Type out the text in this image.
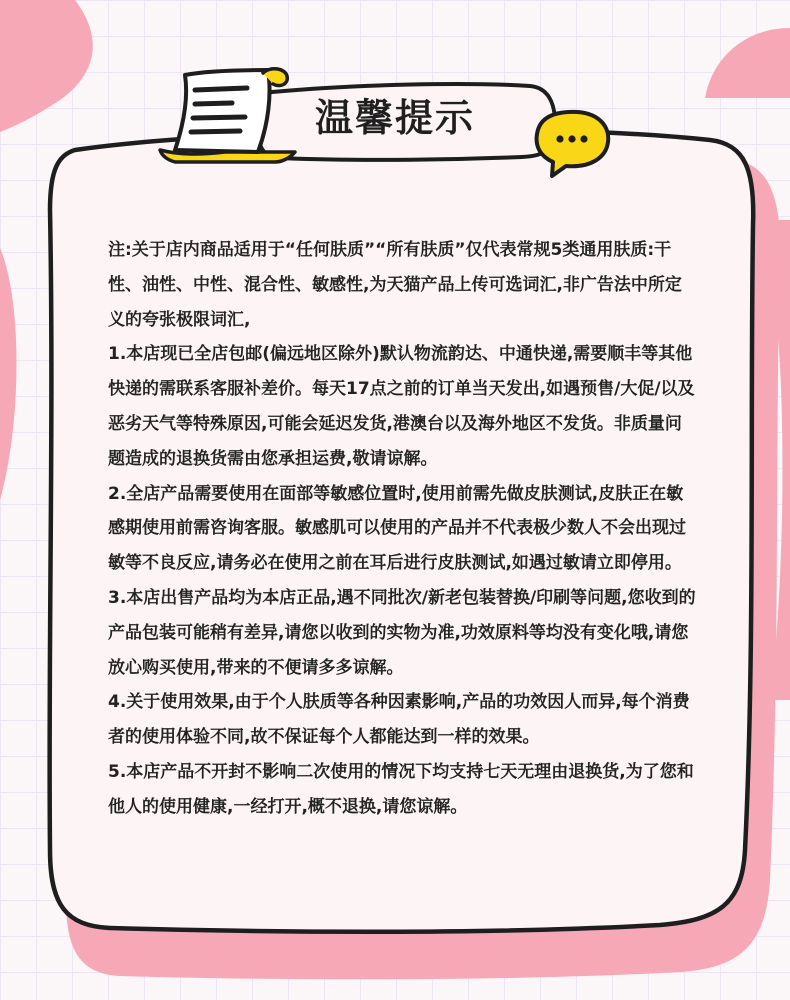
温馨提示

注:关于店内商品适用于“任何肤质”“所有肤质”仅代表常规5类通用肤质:干性、油性、中性、混合性、敏感性,为天猫产品上传可选词汇,非广告法中所定义的夸张极限词汇,

1.本店现已全店包邮(偏远地区除外)默认物流韵达、中通快递,需要顺丰等其他快递的需联系客服补差价。每天17点之前的订单当天发出,如遇预售/大促/以及恶劣天气等特殊原因,可能会延迟发货,港澳台以及海外地区不发货。非质量问题造成的退换货需由您承担运费,敬请谅解。

2.全店产品需要使用在面部等敏感位置时,使用前需先做皮肤测试,皮肤正在敏感期使用前需咨询客服。敏感肌可以使用的产品并不代表极少数人不会出现过敏等不良反应,请务必在使用之前在耳后进行皮肤测试,如遇过敏请立即停用。

3.本店出售产品均为本店正品,遇不同批次/新老包装替换/印刷等问题,您收到的产品包装可能稍有差异,请您以收到的实物为准,功效原料等均没有变化哦,请您放心购买使用,带来的不便请多多谅解。

4.关于使用效果,由于个人肤质等各种因素影响,产品的功效因人而异,每个消费者的使用体验不同,故不保证每个人都能达到一样的效果。

5.本店产品不开封不影响二次使用的情况下均支持七天无理由退换货,为了您和他人的使用健康,一经打开,概不退换,请您谅解。
